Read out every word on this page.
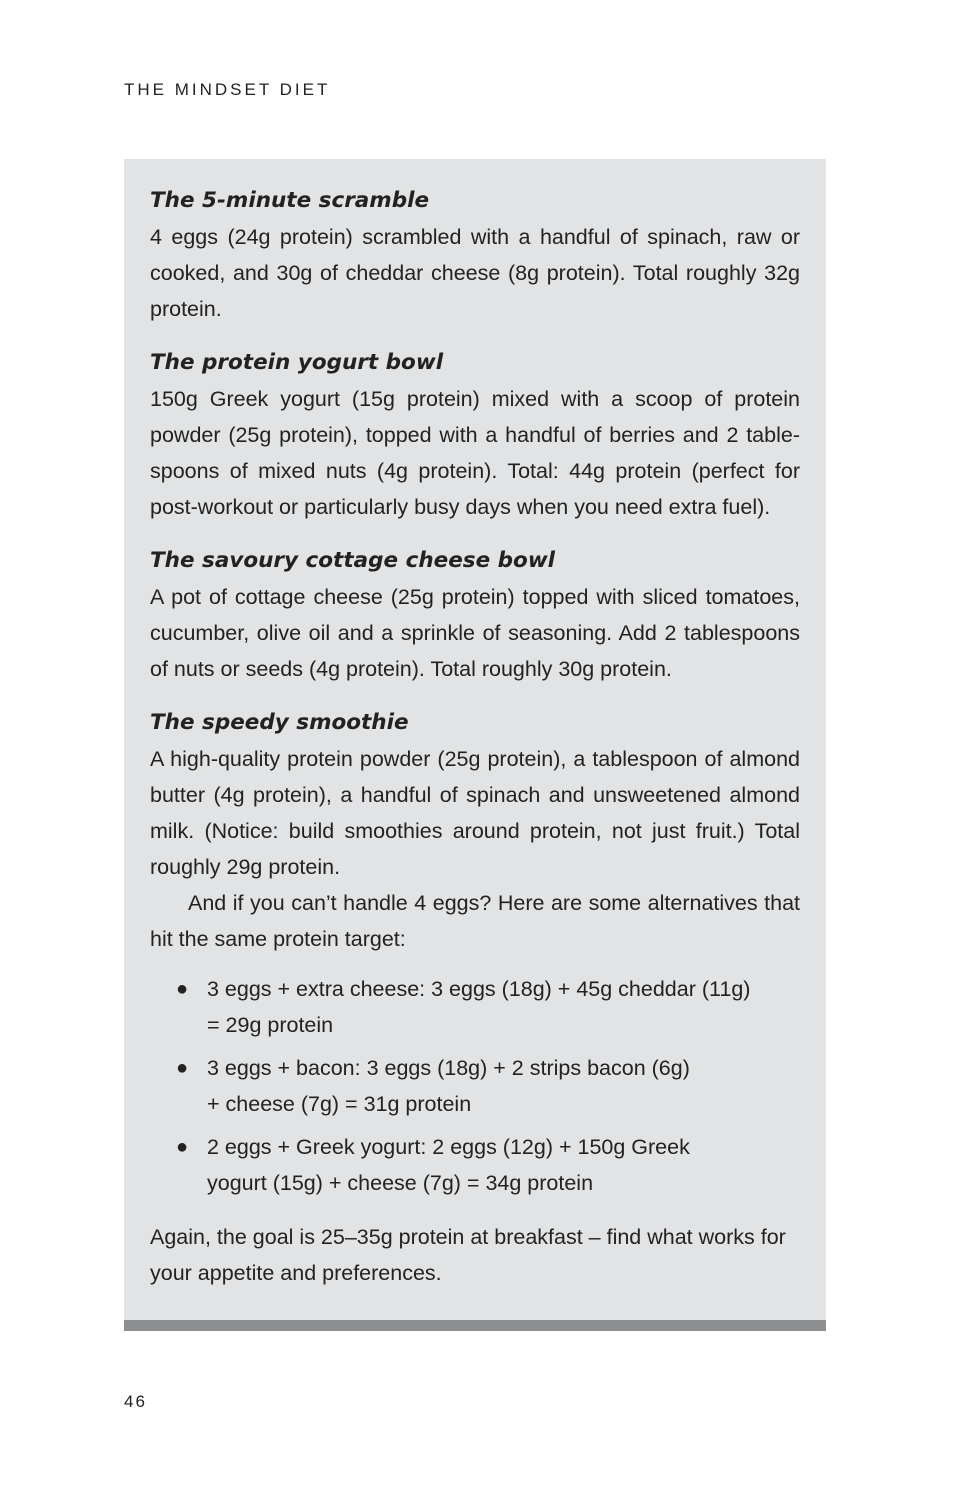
THE MINDSET DIET

The 5-minute scramble

4 eggs (24g protein) scrambled with a handful of spinach, raw or cooked, and 30g of cheddar cheese (8g protein). Total roughly 32g protein.

The protein yogurt bowl

150g Greek yogurt (15g protein) mixed with a scoop of protein powder (25g protein), topped with a handful of berries and 2 tablespoons of mixed nuts (4g protein). Total: 44g protein (perfect for post-workout or particularly busy days when you need extra fuel).

The savoury cottage cheese bowl

A pot of cottage cheese (25g protein) topped with sliced tomatoes, cucumber, olive oil and a sprinkle of seasoning. Add 2 tablespoons of nuts or seeds (4g protein). Total roughly 30g protein.

The speedy smoothie

A high-quality protein powder (25g protein), a tablespoon of almond butter (4g protein), a handful of spinach and unsweetened almond milk. (Notice: build smoothies around protein, not just fruit.) Total roughly 29g protein.

And if you can’t handle 4 eggs? Here are some alternatives that hit the same protein target:

● 3 eggs + extra cheese: 3 eggs (18g) + 45g cheddar (11g)
= 29g protein
● 3 eggs + bacon: 3 eggs (18g) + 2 strips bacon (6g)
+ cheese (7g) = 31g protein
● 2 eggs + Greek yogurt: 2 eggs (12g) + 150g Greek
yogurt (15g) + cheese (7g) = 34g protein

Again, the goal is 25–35g protein at breakfast – find what works for your appetite and preferences.

46
